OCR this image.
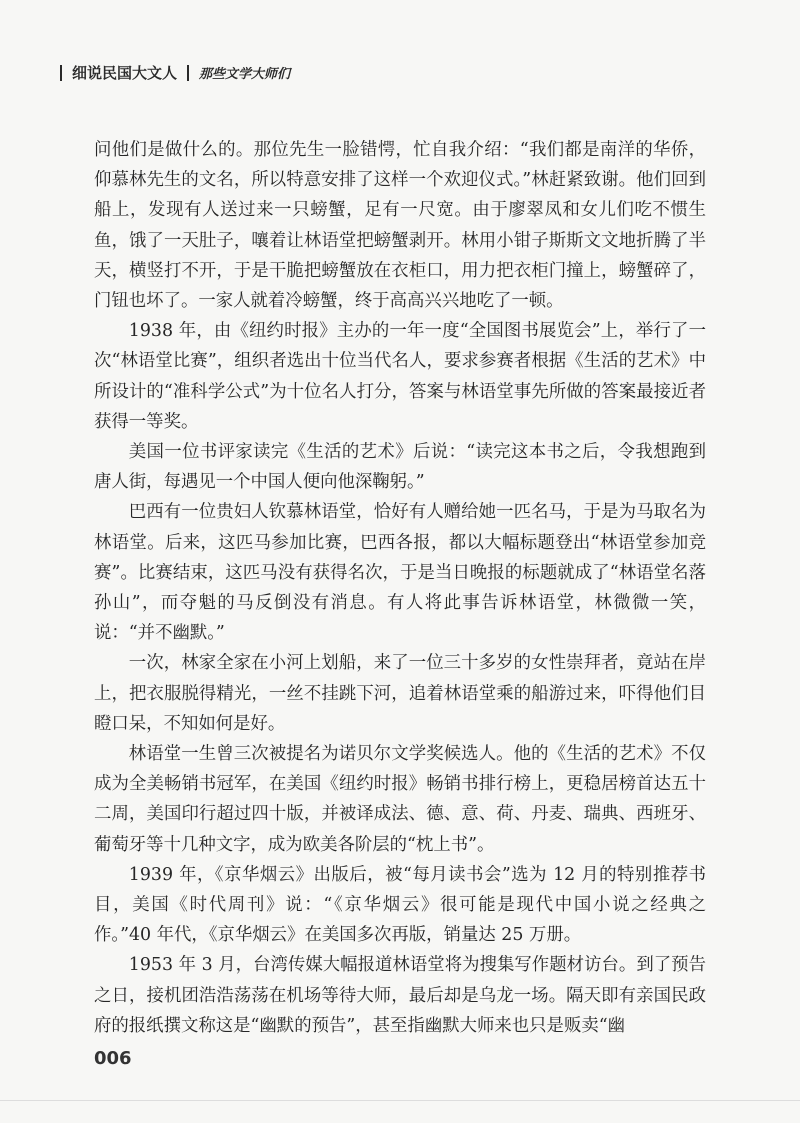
细说民国大文人 那些文学大师们

问他们是做什么的。那位先生一脸错愕，忙自我介绍：“我们都是南洋的华侨，仰慕林先生的文名，所以特意安排了这样一个欢迎仪式。”林赶紧致谢。他们回到船上，发现有人送过来一只螃蟹，足有一尺宽。由于廖翠凤和女儿们吃不惯生鱼，饿了一天肚子，嚷着让林语堂把螃蟹剥开。林用小钳子斯斯文文地折腾了半天，横竖打不开，于是干脆把螃蟹放在衣柜口，用力把衣柜门撞上，螃蟹碎了，门钮也坏了。一家人就着冷螃蟹，终于高高兴兴地吃了一顿。

1938 年，由《纽约时报》主办的一年一度“全国图书展览会”上，举行了一次“林语堂比赛”，组织者选出十位当代名人，要求参赛者根据《生活的艺术》中所设计的“准科学公式”为十位名人打分，答案与林语堂事先所做的答案最接近者获得一等奖。

美国一位书评家读完《生活的艺术》后说：“读完这本书之后，令我想跑到唐人街，每遇见一个中国人便向他深鞠躬。”

巴西有一位贵妇人钦慕林语堂，恰好有人赠给她一匹名马，于是为马取名为林语堂。后来，这匹马参加比赛，巴西各报，都以大幅标题登出“林语堂参加竞赛”。比赛结束，这匹马没有获得名次，于是当日晚报的标题就成了“林语堂名落孙山”，而夺魁的马反倒没有消息。有人将此事告诉林语堂，林微微一笑，说：“并不幽默。”

一次，林家全家在小河上划船，来了一位三十多岁的女性崇拜者，竟站在岸上，把衣服脱得精光，一丝不挂跳下河，追着林语堂乘的船游过来，吓得他们目瞪口呆，不知如何是好。

林语堂一生曾三次被提名为诺贝尔文学奖候选人。他的《生活的艺术》不仅成为全美畅销书冠军，在美国《纽约时报》畅销书排行榜上，更稳居榜首达五十二周，美国印行超过四十版，并被译成法、德、意、荷、丹麦、瑞典、西班牙、葡萄牙等十几种文字，成为欧美各阶层的“枕上书”。

1939 年，《京华烟云》出版后，被“每月读书会”选为 12 月的特别推荐书目，美国《时代周刊》说：“《京华烟云》很可能是现代中国小说之经典之作。”40 年代，《京华烟云》在美国多次再版，销量达 25 万册。

1953 年 3 月，台湾传媒大幅报道林语堂将为搜集写作题材访台。到了预告之日，接机团浩浩荡荡在机场等待大师，最后却是乌龙一场。隔天即有亲国民政府的报纸撰文称这是“幽默的预告”，甚至指幽默大师来也只是贩卖“幽

006
